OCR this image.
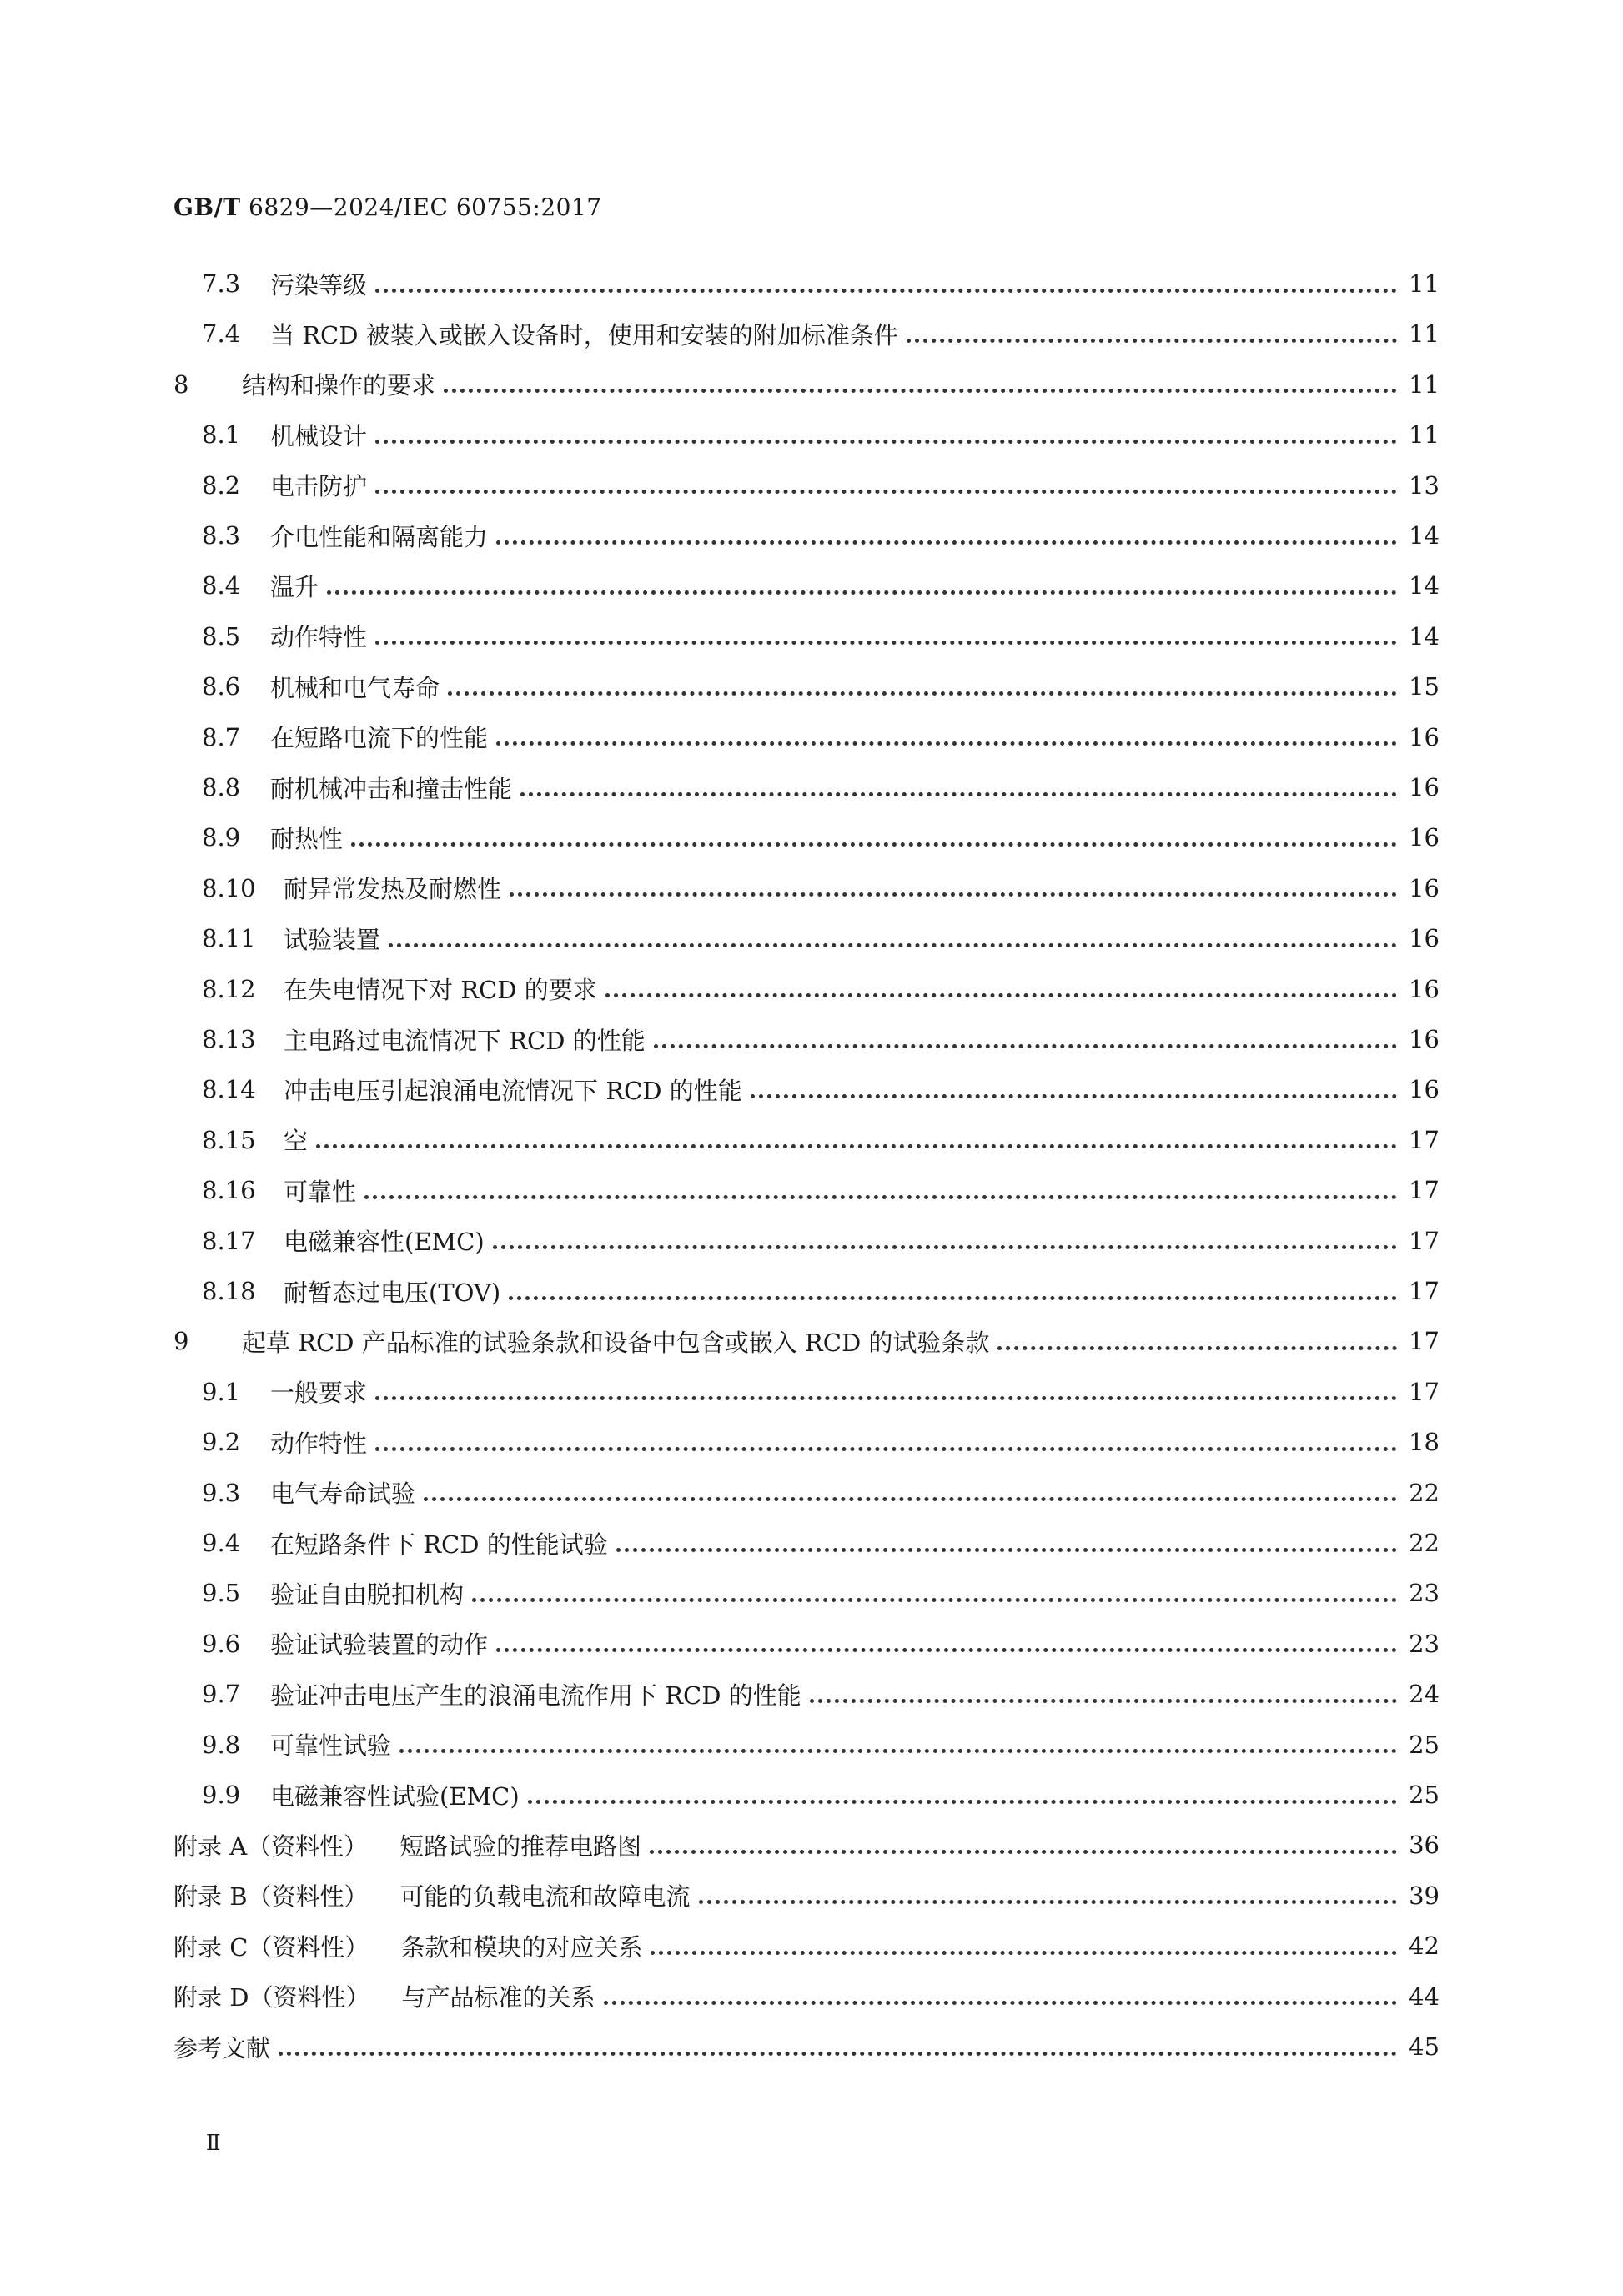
GB/T 6829—2024/IEC 60755:2017
7.3	污染等级	11
7.4	当 RCD 被装入或嵌入设备时，使用和安装的附加标准条件	11
8	结构和操作的要求	11
8.1	机械设计	11
8.2	电击防护	13
8.3	介电性能和隔离能力	14
8.4	温升	14
8.5	动作特性	14
8.6	机械和电气寿命	15
8.7	在短路电流下的性能	16
8.8	耐机械冲击和撞击性能	16
8.9	耐热性	16
8.10	耐异常发热及耐燃性	16
8.11	试验装置	16
8.12	在失电情况下对 RCD 的要求	16
8.13	主电路过电流情况下 RCD 的性能	16
8.14	冲击电压引起浪涌电流情况下 RCD 的性能	16
8.15	空	17
8.16	可靠性	17
8.17	电磁兼容性(EMC)	17
8.18	耐暂态过电压(TOV)	17
9	起草 RCD 产品标准的试验条款和设备中包含或嵌入 RCD 的试验条款	17
9.1	一般要求	17
9.2	动作特性	18
9.3	电气寿命试验	22
9.4	在短路条件下 RCD 的性能试验	22
9.5	验证自由脱扣机构	23
9.6	验证试验装置的动作	23
9.7	验证冲击电压产生的浪涌电流作用下 RCD 的性能	24
9.8	可靠性试验	25
9.9	电磁兼容性试验(EMC)	25
附录 A（资料性） 短路试验的推荐电路图	36
附录 B（资料性） 可能的负载电流和故障电流	39
附录 C（资料性） 条款和模块的对应关系	42
附录 D（资料性） 与产品标准的关系	44
参考文献	45
Ⅱ
